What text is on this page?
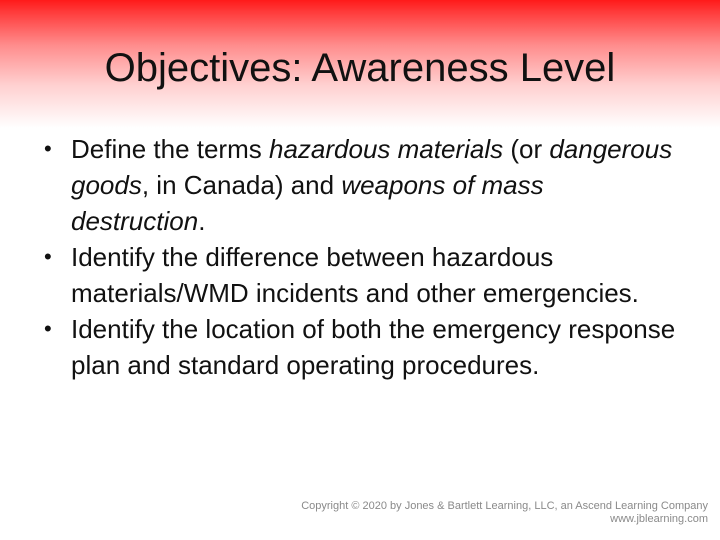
Objectives: Awareness Level
• Define the terms hazardous materials (or dangerous goods, in Canada) and weapons of mass destruction.
• Identify the difference between hazardous materials/WMD incidents and other emergencies.
• Identify the location of both the emergency response plan and standard operating procedures.
Copyright © 2020 by Jones & Bartlett Learning, LLC, an Ascend Learning Company
www.jblearning.com
